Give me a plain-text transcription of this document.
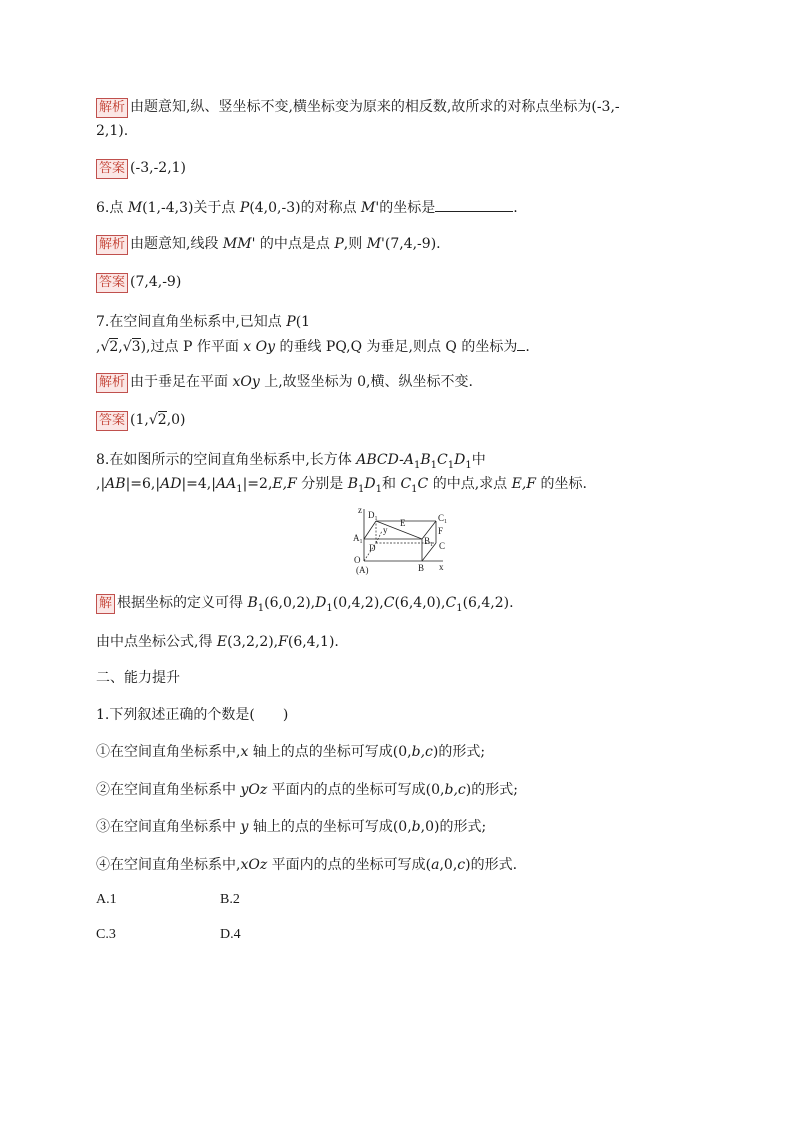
解析 由题意知,纵、竖坐标不变,横坐标变为原来的相反数,故所求的对称点坐标为(-3,-
2,1).
答案 (-3,-2,1)
6.点 M(1,-4,3)关于点 P(4,0,-3)的对称点 M'的坐标是	.
解析 由题意知,线段 MM' 的中点是点 P,则 M'(7,4,-9).
答案 (7,4,-9)
7.在空间直角坐标系中,已知点 P(1
,√2,√3),过点 P 作平面 x Oy 的垂线 PQ,Q 为垂足,则点 Q 的坐标为 .
解析 由于垂足在平面 xOy 上,故竖坐标为 0,横、纵坐标不变.
答案 (1,√2,0)
8.在如图所示的空间直角坐标系中,长方体 ABCD-$A_1B_1C_1D_1$中
$,|AB|=6,|AD|=4,|AA_1|=2,E,F$ 分别是 $B_1D_1$和 $C_1C$ 的中点,求点 E,F 的坐标.
z $D_1$	E	$C_1$
$A_1$
y	F
$B_1$
D	C
O
(A)	B x
解 根据坐标的定义可得 $B_1(6,0,2),D_1(0,4,2),C(6,4,0),C_1(6,4,2)$.
由中点坐标公式,得 E(3,2,2),F(6,4,1).
二、能力提升
1.下列叙述正确的个数是(　　)
①在空间直角坐标系中,x 轴上的点的坐标可写成(0,b,c)的形式;
②在空间直角坐标系中 yOz 平面内的点的坐标可写成(0,b,c)的形式;
③在空间直角坐标系中 y 轴上的点的坐标可写成(0,b,0)的形式;
④在空间直角坐标系中,xOz 平面内的点的坐标可写成(a,0,c)的形式.
A.1	B.2
C.3	D.4
